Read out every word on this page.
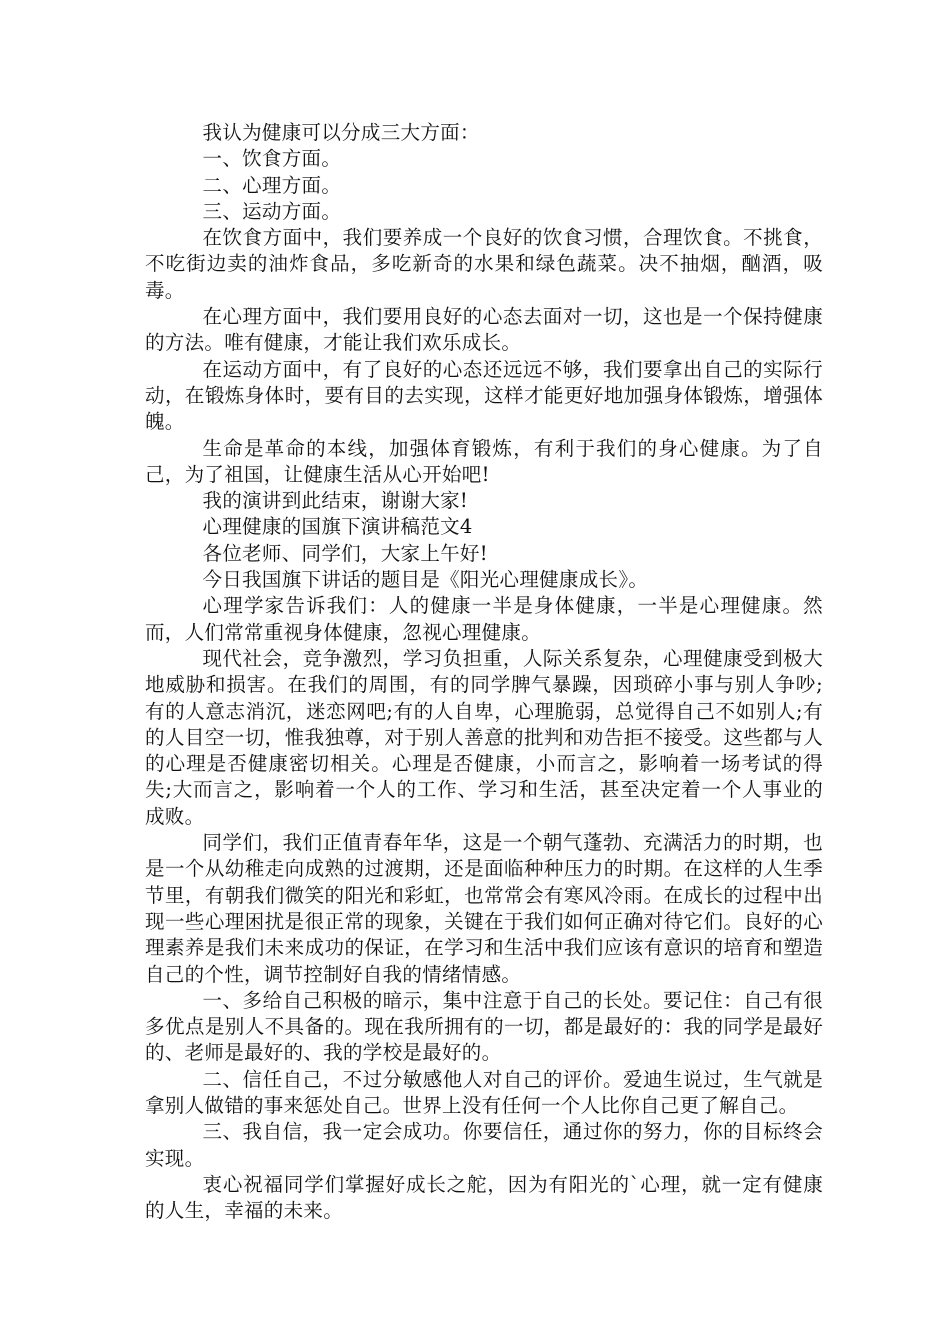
我认为健康可以分成三大方面：

一、饮食方面。

二、心理方面。

三、运动方面。

在饮食方面中，我们要养成一个良好的饮食习惯，合理饮食。不挑食，不吃街边卖的油炸食品，多吃新奇的水果和绿色蔬菜。决不抽烟，酗酒，吸毒。

在心理方面中，我们要用良好的心态去面对一切，这也是一个保持健康的方法。唯有健康，才能让我们欢乐成长。

在运动方面中，有了良好的心态还远远不够，我们要拿出自己的实际行动，在锻炼身体时，要有目的去实现，这样才能更好地加强身体锻炼，增强体魄。

生命是革命的本线，加强体育锻炼，有利于我们的身心健康。为了自己，为了祖国，让健康生活从心开始吧!

我的演讲到此结束，谢谢大家!

心理健康的国旗下演讲稿范文4

各位老师、同学们，大家上午好!

今日我国旗下讲话的题目是《阳光心理健康成长》。

心理学家告诉我们：人的健康一半是身体健康，一半是心理健康。然而，人们常常重视身体健康，忽视心理健康。

现代社会，竞争激烈，学习负担重，人际关系复杂，心理健康受到极大地威胁和损害。在我们的周围，有的同学脾气暴躁，因琐碎小事与别人争吵;有的人意志消沉，迷恋网吧;有的人自卑，心理脆弱，总觉得自己不如别人;有的人目空一切，惟我独尊，对于别人善意的批判和劝告拒不接受。这些都与人的心理是否健康密切相关。心理是否健康，小而言之，影响着一场考试的得失;大而言之，影响着一个人的工作、学习和生活，甚至决定着一个人事业的成败。

同学们，我们正值青春年华，这是一个朝气蓬勃、充满活力的时期，也是一个从幼稚走向成熟的过渡期，还是面临种种压力的时期。在这样的人生季节里，有朝我们微笑的阳光和彩虹，也常常会有寒风冷雨。在成长的过程中出现一些心理困扰是很正常的现象，关键在于我们如何正确对待它们。良好的心理素养是我们未来成功的保证，在学习和生活中我们应该有意识的培育和塑造自己的个性，调节控制好自我的情绪情感。

一、多给自己积极的暗示，集中注意于自己的长处。要记住：自己有很多优点是别人不具备的。现在我所拥有的一切，都是最好的：我的同学是最好的、老师是最好的、我的学校是最好的。

二、信任自己，不过分敏感他人对自己的评价。爱迪生说过，生气就是拿别人做错的事来惩处自己。世界上没有任何一个人比你自己更了解自己。

三、我自信，我一定会成功。你要信任，通过你的努力，你的目标终会实现。

衷心祝福同学们掌握好成长之舵，因为有阳光的`心理，就一定有健康的人生，幸福的未来。
